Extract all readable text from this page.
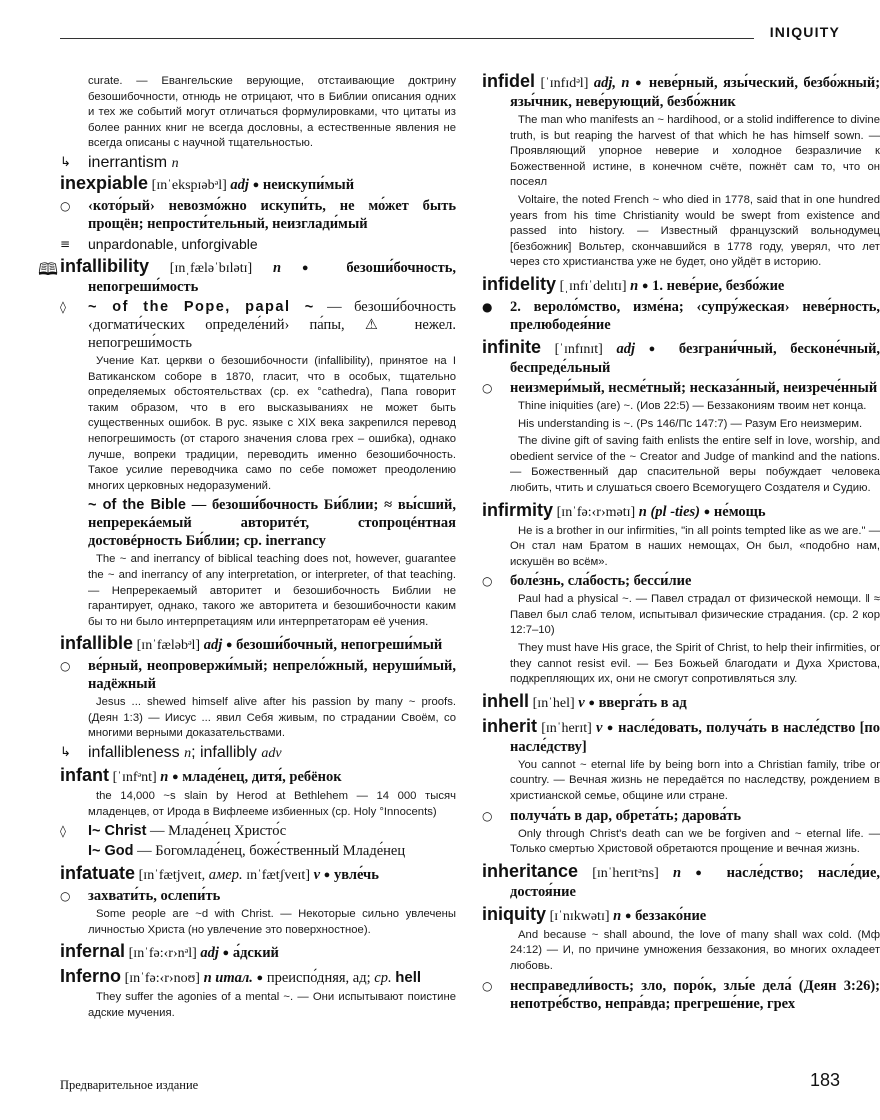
INIQUITY
curate. — Евангельские верующие, отстаивающие доктрину безошибочности, отнюдь не отрицают, что в Библии описания одних и тех же событий могут отличаться формулировками, что цитаты из более ранних книг не всегда дословны, а естественные явления не всегда описаны с научной тщательностью.
↳ inerrantism n
inexpiable [ɪnˈekspɪəbᵊl] adj ● неискупи́мый
○ ‹кото́рый› невозмо́жно искупи́ть, не мо́жет быть прощён; непрости́тельный, неизглади́мый
≡ unpardonable, unforgivable
🕮 infallibility [ɪnˌfæləˈbɪlətɪ] n ● безоши́бочность, непогреши́мость
◊ ~ of the Pope, papal ~ — безоши́бочность ‹догмати́ческих определе́ний› па́пы, ⚠ нежел. непогреши́мость
Учение Кат. церкви о безошибочности (infallibility), принятое на I Ватиканском соборе в 1870, гласит, что в особых, тщательно определяемых обстоятельствах (ср. ex °cathedra), Папа говорит таким образом, что в его высказываниях не может быть существенных ошибок. В рус. языке с XIX века закрепился перевод непогрешимость (от старого значения слова грех – ошибка), однако лучше, вопреки традиции, переводить именно безошибочность. Такое усилие переводчика само по себе поможет преодолению многих церковных недоразумений.
~ of the Bible — безоши́бочность Би́блии; ≈ вы́сший, непререкáемый авторитéт, стопроцéнтная достовéрность Би́блии; ср. inerrancy
The ~ and inerrancy of biblical teaching does not, however, guarantee the ~ and inerrancy of any interpretation, or interpreter, of that teaching. — Непререкаемый авторитет и безошибочность Библии не гарантирует, однако, такого же авторитета и безошибочности каким бы то ни было интерпретациям или интерпретаторам её учения.
infallible [ɪnˈfæləbᵊl] adj ● безоши́бочный, непогреши́мый
○ ве́рный, неопровержи́мый; непрело́жный, неруши́мый, надёжный
Jesus ... shewed himself alive after his passion by many ~ proofs. (Деян 1:3) — Иисус ... явил Себя живым, по страдании Своём, со многими верными доказательствами.
↳ infallibleness n; infallibly adv
infant [ˈɪnfᵊnt] n ● младе́нец, дитя́, ребёнок
the 14,000 ~s slain by Herod at Bethlehem — 14 000 тысяч младенцев, от Ирода в Вифлееме избиенных (ср. Holy °Innocents)
◊ I~ Christ — Младе́нец Христо́с
I~ God — Богомладе́нец, боже́ственный Младе́нец
infatuate [ɪnˈfætjveɪt, амер. ɪnˈfætʃveɪt] v ● увле́чь
○ захвати́ть, ослепи́ть
Some people are ~d with Christ. — Некоторые сильно увлечены личностью Христа (но увлечение это поверхностное).
infernal [ɪnˈfə:‹r›nᵊl] adj ● а́дский
Inferno [ɪnˈfə:‹r›noʊ] n итал. ● преиспо́дняя, ад; ср. hell
They suffer the agonies of a mental ~. — Они испытывают поистине адские мучения.
infidel [ˈɪnfɪdᵊl] adj, n ● неве́рный, язы́ческий, безбо́жный; язы́чник, неве́рующий, безбо́жник
The man who manifests an ~ hardihood, or a stolid indifference to divine truth, is but reaping the harvest of that which he has himself sown. — Проявляющий упорное неверие и холодное безразличие к Божественной истине, в конечном счёте, пожнёт сам то, что он посеял
Voltaire, the noted French ~ who died in 1778, said that in one hundred years from his time Christianity would be swept from existence and passed into history. — Известный французский вольнодумец [безбожник] Вольтер, скончавшийся в 1778 году, уверял, что лет через сто христианства уже не будет, оно уйдёт в историю.
infidelity [ˌɪnfɪˈdelɪtɪ] n ● 1. неве́рие, безбо́жие
● 2. вероло́мство, изме́на; ‹супру́жеская› неве́рность, прелюбодея́ние
infinite [ˈɪnfɪnɪt] adj ● безграни́чный, бесконе́чный, беспреде́льный
○ неизмери́мый, несме́тный; несказа́нный, неизрече́нный
Thine iniquities (are) ~. (Иов 22:5) — Беззакониям твоим нет конца.
His understanding is ~. (Ps 146/Пс 147:7) — Разум Его неизмерим.
The divine gift of saving faith enlists the entire self in love, worship, and obedient service of the ~ Creator and Judge of mankind and the nations. — Божественный дар спасительной веры побуждает человека любить, чтить и слушаться своего Всемогущего Создателя и Судию.
infirmity [ɪnˈfə:‹r›mətɪ] n (pl -ties) ● не́мощь
He is a brother in our infirmities, "in all points tempted like as we are." — Он стал нам Братом в наших немощах, Он был, «подобно нам, искушён во всём».
○ боле́знь, сла́бость; бесси́лие
Paul had a physical ~. — Павел страдал от физической немощи. ‖ ≈ Павел был слаб телом, испытывал физические страдания. (ср. 2 кор 12:7–10)
They must have His grace, the Spirit of Christ, to help their infirmities, or they cannot resist evil. — Без Божьей благодати и Духа Христова, подкрепляющих их, они не смогут сопротивляться злу.
inhell [ɪnˈhel] v ● вверга́ть в ад
inherit [ɪnˈherɪt] v ● насле́довать, получа́ть в насле́дство [по насле́дству]
You cannot ~ eternal life by being born into a Christian family, tribe or country. — Вечная жизнь не передаётся по наследству, рождением в христианской семье, общине или стране.
○ получа́ть в дар, обрета́ть; дарова́ть
Only through Christ's death can we be forgiven and ~ eternal life. — Только смертью Христовой обретаются прощение и вечная жизнь.
inheritance [ɪnˈherɪtᵊns] n ● насле́дство; насле́дие, достоя́ние
iniquity [ɪˈnɪkwətɪ] n ● беззако́ние
And because ~ shall abound, the love of many shall wax cold. (Мф 24:12) — И, по причине умножения беззакония, во многих охладеет любовь.
○ несправедли́вость; зло, поро́к, злы́е дела́ (Деян 3:26); непотре́бство, непра́вда; прегреше́ние, грех
Предварительное издание	183
